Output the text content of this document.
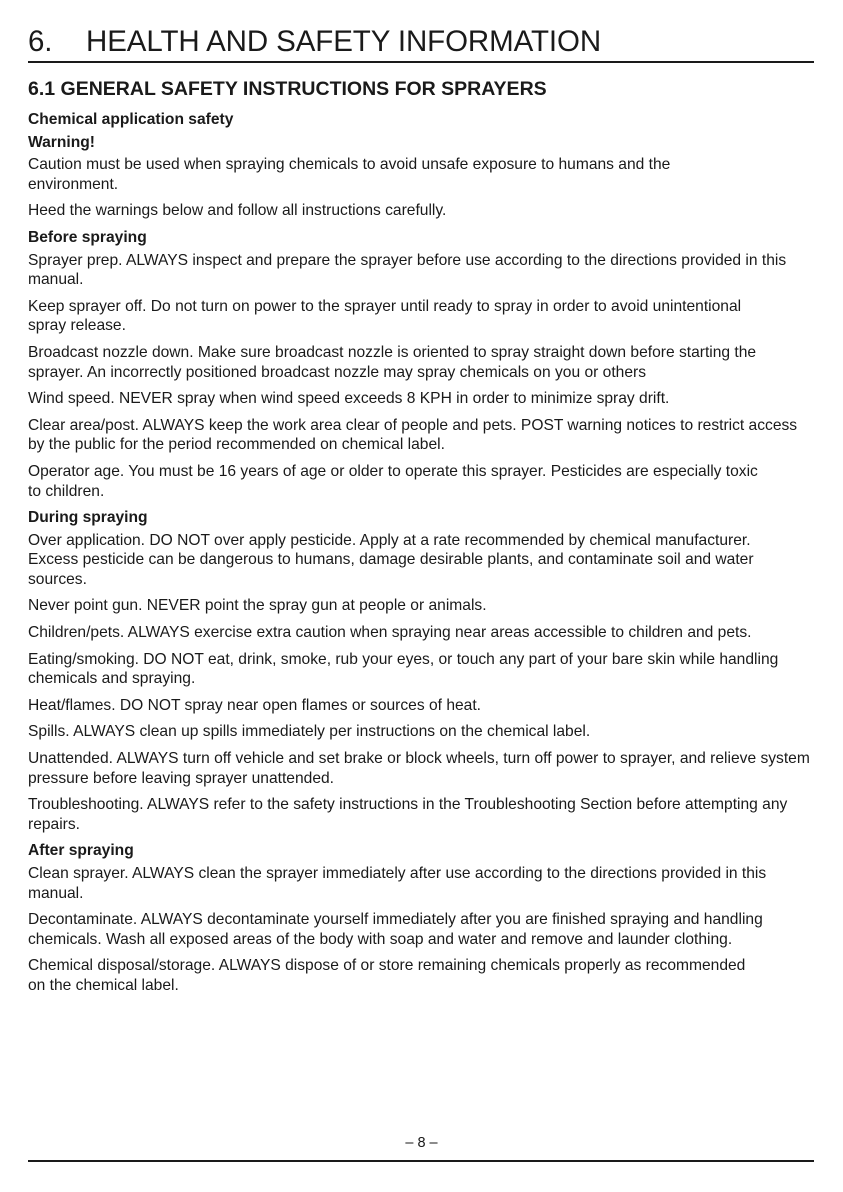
6.	HEALTH AND SAFETY INFORMATION
6.1 GENERAL SAFETY INSTRUCTIONS FOR SPRAYERS
Chemical application safety
Warning!
Caution must be used when spraying chemicals to avoid unsafe exposure to humans and the environment.
Heed the warnings below and follow all instructions carefully.
Before spraying
Sprayer prep. ALWAYS inspect and prepare the sprayer before use according to the directions provided in this manual.
Keep sprayer off. Do not turn on power to the sprayer until ready to spray in order to avoid unintentional spray release.
Broadcast nozzle down. Make sure broadcast nozzle is oriented to spray straight down before starting the sprayer. An incorrectly positioned broadcast nozzle may spray chemicals on you or others
Wind speed. NEVER spray when wind speed exceeds 8 KPH in order to minimize spray drift.
Clear area/post. ALWAYS keep the work area clear of people and pets. POST warning notices to restrict access by the public for the period recommended on chemical label.
Operator age. You must be 16 years of age or older to operate this sprayer. Pesticides are especially toxic to children.
During spraying
Over application. DO NOT over apply pesticide. Apply at a rate recommended by chemical manufacturer. Excess pesticide can be dangerous to humans, damage desirable plants, and contaminate soil and water sources.
Never point gun. NEVER point the spray gun at people or animals.
Children/pets. ALWAYS exercise extra caution when spraying near areas accessible to children and pets.
Eating/smoking. DO NOT eat, drink, smoke, rub your eyes, or touch any part of your bare skin while handling chemicals and spraying.
Heat/flames. DO NOT spray near open flames or sources of heat.
Spills. ALWAYS clean up spills immediately per instructions on the chemical label.
Unattended. ALWAYS turn off vehicle and set brake or block wheels, turn off power to sprayer, and relieve system pressure before leaving sprayer unattended.
Troubleshooting. ALWAYS refer to the safety instructions in the Troubleshooting Section before attempting any repairs.
After spraying
Clean sprayer. ALWAYS clean the sprayer immediately after use according to the directions provided in this manual.
Decontaminate. ALWAYS decontaminate yourself immediately after you are finished spraying and handling chemicals. Wash all exposed areas of the body with soap and water and remove and launder clothing.
Chemical disposal/storage. ALWAYS dispose of or store remaining chemicals properly as recommended on the chemical label.
– 8 –
